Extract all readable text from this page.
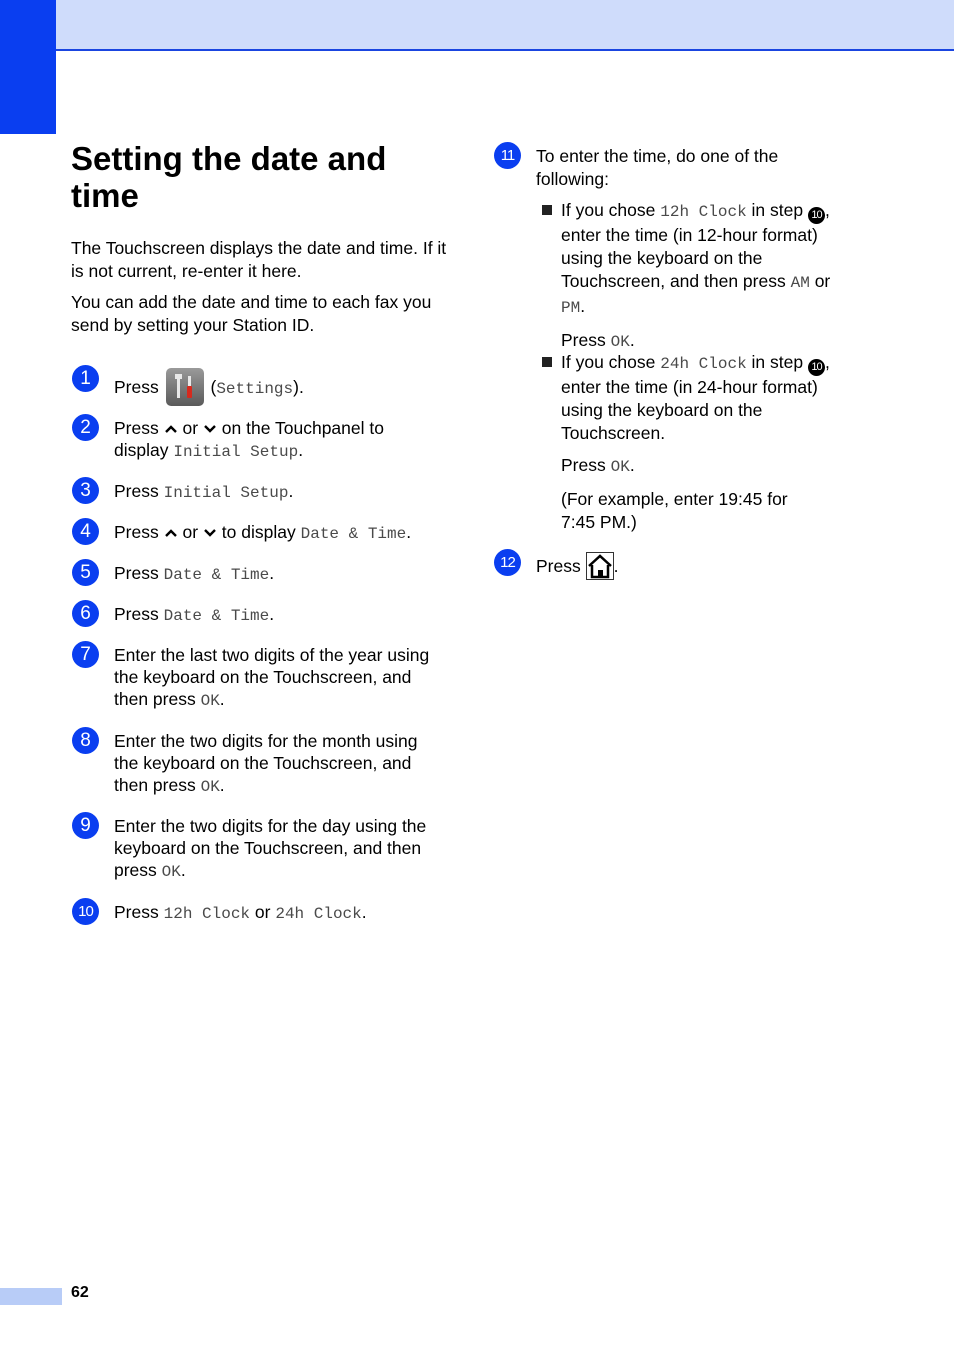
Setting the date and time

The Touchscreen displays the date and time. If it is not current, re-enter it here.

You can add the date and time to each fax you send by setting your Station ID.

1	Press	(Settings).
2	Press or on the Touchpanel to
display Initial Setup.
3	Press Initial Setup.
4	Press or to display Date & Time.
5	Press Date & Time.
6	Press Date & Time.
7	Enter the last two digits of the year using
the keyboard on the Touchscreen, and
then press OK.
8	Enter the two digits for the month using
the keyboard on the Touchscreen, and
then press OK.
9	Enter the two digits for the day using the
keyboard on the Touchscreen, and then
press OK.
10	Press 12h Clock or 24h Clock.
11	To enter the time, do one of the
following:
If you chose 12h Clock in step 10 ,
enter the time (in 12-hour format)
using the keyboard on the
Touchscreen, and then press AM or
PM.
Press OK.
If you chose 24h Clock in step 10 ,
enter the time (in 24-hour format)
using the keyboard on the
Touchscreen.
Press OK.
(For example, enter 19:45 for
7:45 PM.)
12	Press .
62
